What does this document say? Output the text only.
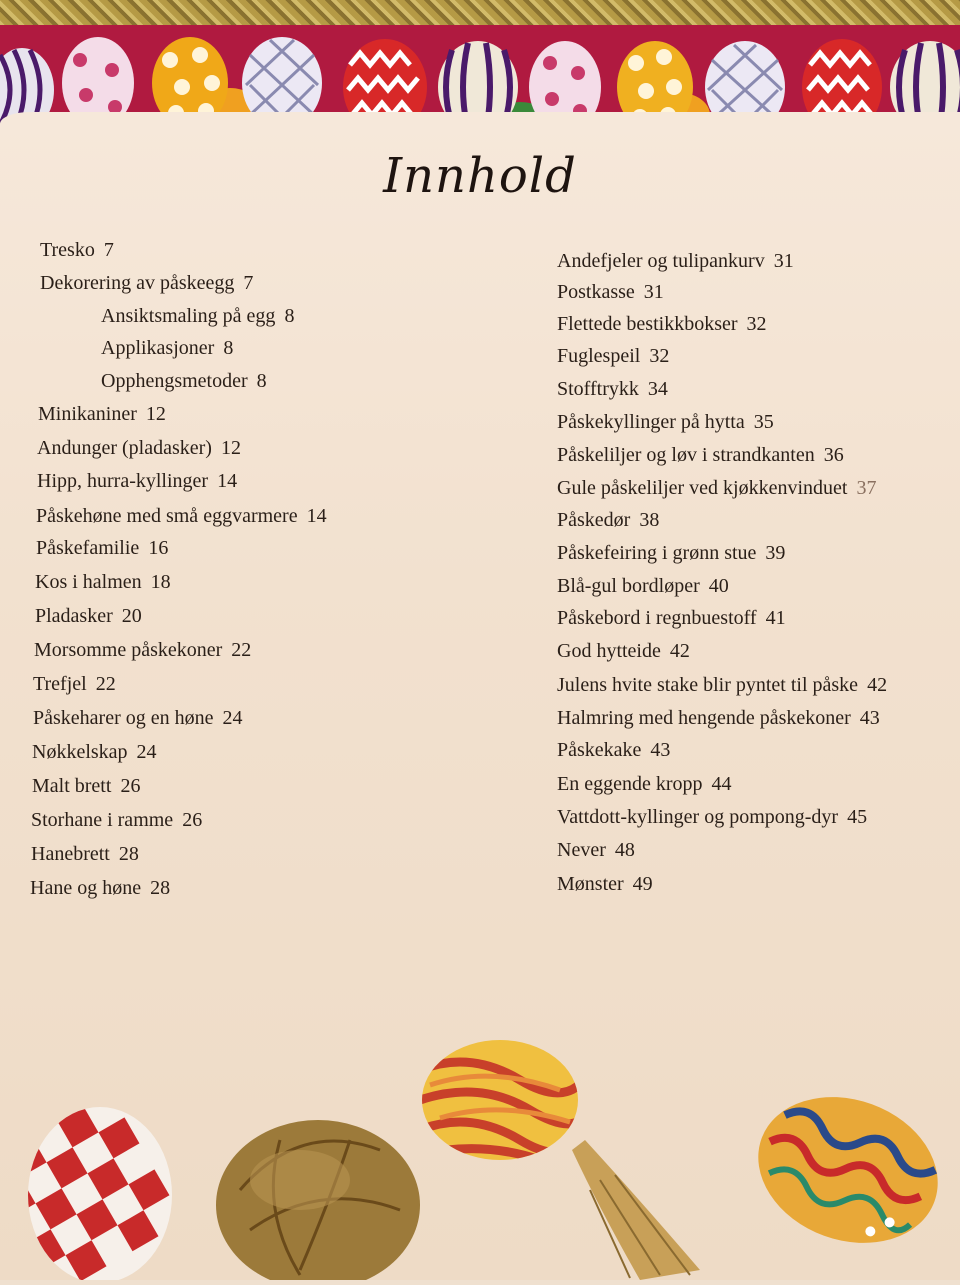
Innhold
Tresko 7
Dekorering av påskeegg 7
Ansiktsmaling på egg 8
Applikasjoner 8
Opphengsmetoder 8
Minikaniner 12
Andunger (pladasker) 12
Hipp, hurra-kyllinger 14
Påskehøne med små eggvarmere 14
Påskefamilie 16
Kos i halmen 18
Pladasker 20
Morsomme påskekoner 22
Trefjel 22
Påskeharer og en høne 24
Nøkkelskap 24
Malt brett 26
Storhane i ramme 26
Hanebrett 28
Hane og høne 28
Andefjeler og tulipankurv 31
Postkasse 31
Flettede bestikkbokser 32
Fuglespeil 32
Stofftrykk 34
Påskekyllinger på hytta 35
Påskeliljer og løv i strandkanten 36
Gule påskeliljer ved kjøkkenvinduet 37
Påskedør 38
Påskefeiring i grønn stue 39
Blå-gul bordløper 40
Påskebord i regnbuestoff 41
God hytteide 42
Julens hvite stake blir pyntet til påske 42
Halmring med hengende påskekoner 43
Påskekake 43
En eggende kropp 44
Vattdott-kyllinger og pompong-dyr 45
Never 48
Mønster 49
